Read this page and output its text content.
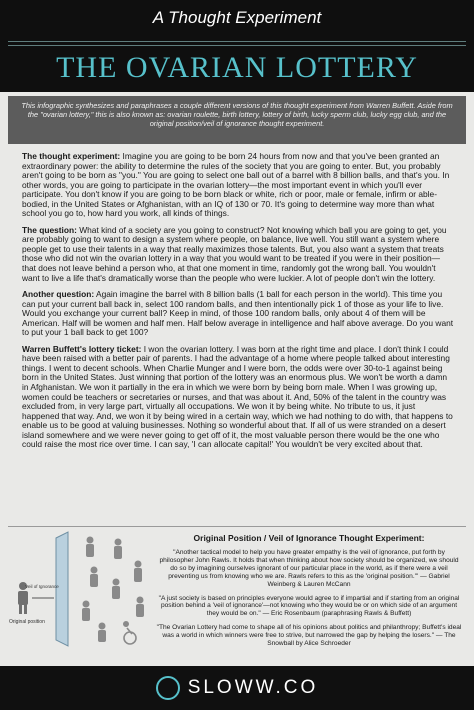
A Thought Experiment
THE OVARIAN LOTTERY
This infographic synthesizes and paraphrases a couple different versions of this thought experiment from Warren Buffett. Aside from the "ovarian lottery," this is also known as: ovarian roulette, birth lottery, lottery of birth, lucky sperm club, lucky egg club, and the original position/veil of ignorance thought experiment.

The thought experiment: Imagine you are going to be born 24 hours from now and that you've been granted an extraordinary power: the ability to determine the rules of the society that you are going to enter. But, you probably aren't going to be born as "you." You are going to select one ball out of a barrel with 8 billion balls, and that's you. In other words, you are going to participate in the ovarian lottery—the most important event in which you'll ever participate. You don't know if you are going to be born black or white, rich or poor, male or female, infirm or able-bodied, in the United States or Afghanistan, with an IQ of 130 or 70. It's going to determine way more than what school you go to, how hard you work, all kinds of things.

The question: What kind of a society are you going to construct? Not knowing which ball you are going to get, you are probably going to want to design a system where people, on balance, live well. You still want a system where people get to use their talents in a way that really maximizes those talents. But, you also want a system that treats those who did not win the ovarian lottery in a way that you would want to be treated if you were in their position—that does not leave behind a person who, at that one moment in time, randomly got the wrong ball. You wouldn't want to live a life that's dramatically worse than the people who were luckier. A lot of people don't win the lottery.

Another question: Again imagine the barrel with 8 billion balls (1 ball for each person in the world). This time you can put your current ball back in, select 100 random balls, and then intentionally pick 1 of those as your life to live. Would you exchange your current ball? Keep in mind, of those 100 random balls, only about 4 of them will be American. Half will be women and half men. Half below average in intelligence and half above average. Do you want to put your 1 ball back to get 100?

Warren Buffett's lottery ticket: I won the ovarian lottery. I was born at the right time and place. I don't think I could have been raised with a better pair of parents. I had the advantage of a home where people talked about interesting things. I went to decent schools. When Charlie Munger and I were born, the odds were over 30-to-1 against being born in the United States. Just winning that portion of the lottery was an enormous plus. We won't be worth a damn in Afghanistan. We won it partially in the era in which we were born by being born male. When I was growing up, women could be teachers or secretaries or nurses, and that was about it. And, 50% of the talent in the country was excluded from, in very large part, virtually all occupations. We won it by being white. No tribute to us, it just happened that way. And, we won it by being wired in a certain way, which we had nothing to do with, that happens to enable us to be good at valuing businesses. Nothing so wonderful about that. If all of us were stranded on a desert island somewhere and we were never going to get off of it, the most valuable person there would be the one who could raise the most rice over time. I can say, 'I can allocate capital!' You wouldn't be very excited about that.

Original position
Veil of Ignorance
Original Position / Veil of Ignorance Thought Experiment:

"Another tactical model to help you have greater empathy is the veil of ignorance, put forth by philosopher John Rawls. It holds that when thinking about how society should be organized, we should do so by imagining ourselves ignorant of our particular place in the world, as if there were a veil preventing us from knowing who we are. Rawls refers to this as the 'original position.'" — Gabriel Weinberg & Lauren McCann

"A just society is based on principles everyone would agree to if impartial and if starting from an original position behind a 'veil of ignorance'—not knowing who they would be or on which side of an argument they would be on." — Eric Rosenbaum (paraphrasing Rawls & Buffett)

"The Ovarian Lottery had come to shape all of his opinions about politics and philanthropy; Buffett's ideal was a world in which winners were free to strive, but narrowed the gap by helping the losers." — The Snowball by Alice Schroeder

SLOWW.CO
